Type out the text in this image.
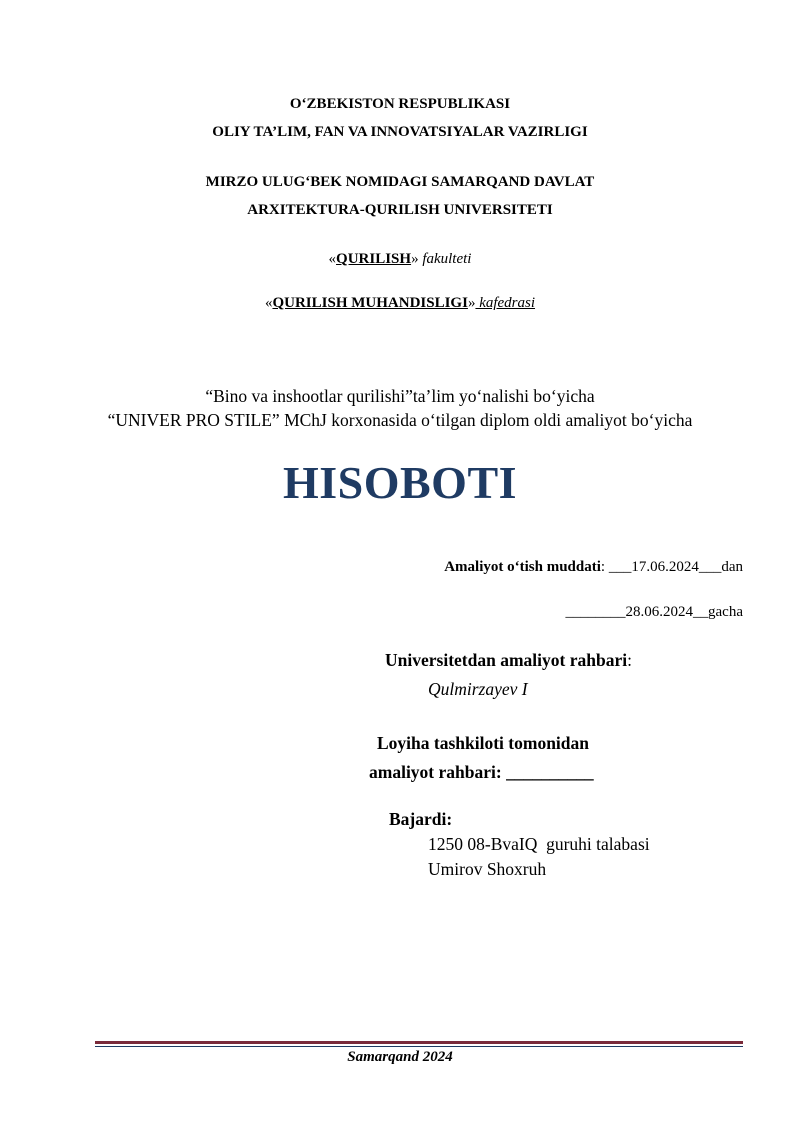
O‘ZBEKISTON RESPUBLIKASI
OLIY TA’LIM, FAN VA INNOVATSIYALAR VAZIRLIGI
MIRZO ULUG‘BEK NOMIDAGI SAMARQAND DAVLAT
ARXITEKTURA-QURILISH UNIVERSITETI
«QURILISH» fakulteti
«QURILISH MUHANDISLIGI» kafedrasi
“Bino va inshootlar qurilishi”ta’lim yo‘nalishi bo‘yicha
“UNIVER PRO STILE” MChJ korxonasida o‘tilgan diplom oldi amaliyot bo‘yicha
HISOBOTI
Amaliyot o‘tish muddati: ___17.06.2024___dan
________28.06.2024__gacha
Universitetdan amaliyot rahbari:
Qulmirzayev I
Loyiha tashkiloti tomonidan
amaliyot rahbari: __________
Bajardi:
1250 08-BvaIQ  guruhi talabasi
Umirov Shoxruh
Samarqand 2024
